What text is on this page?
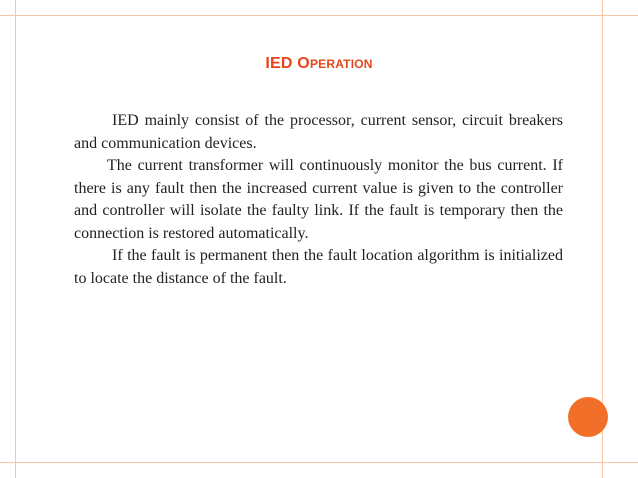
IED OPERATION

IED mainly consist of the processor, current sensor, circuit breakers and communication devices.

The current transformer will continuously monitor the bus current. If there is any fault then the increased current value is given to the controller and controller will isolate the faulty link. If the fault is temporary then the connection is restored automatically.

If the fault is permanent then the fault location algorithm is initialized to locate the distance of the fault.
